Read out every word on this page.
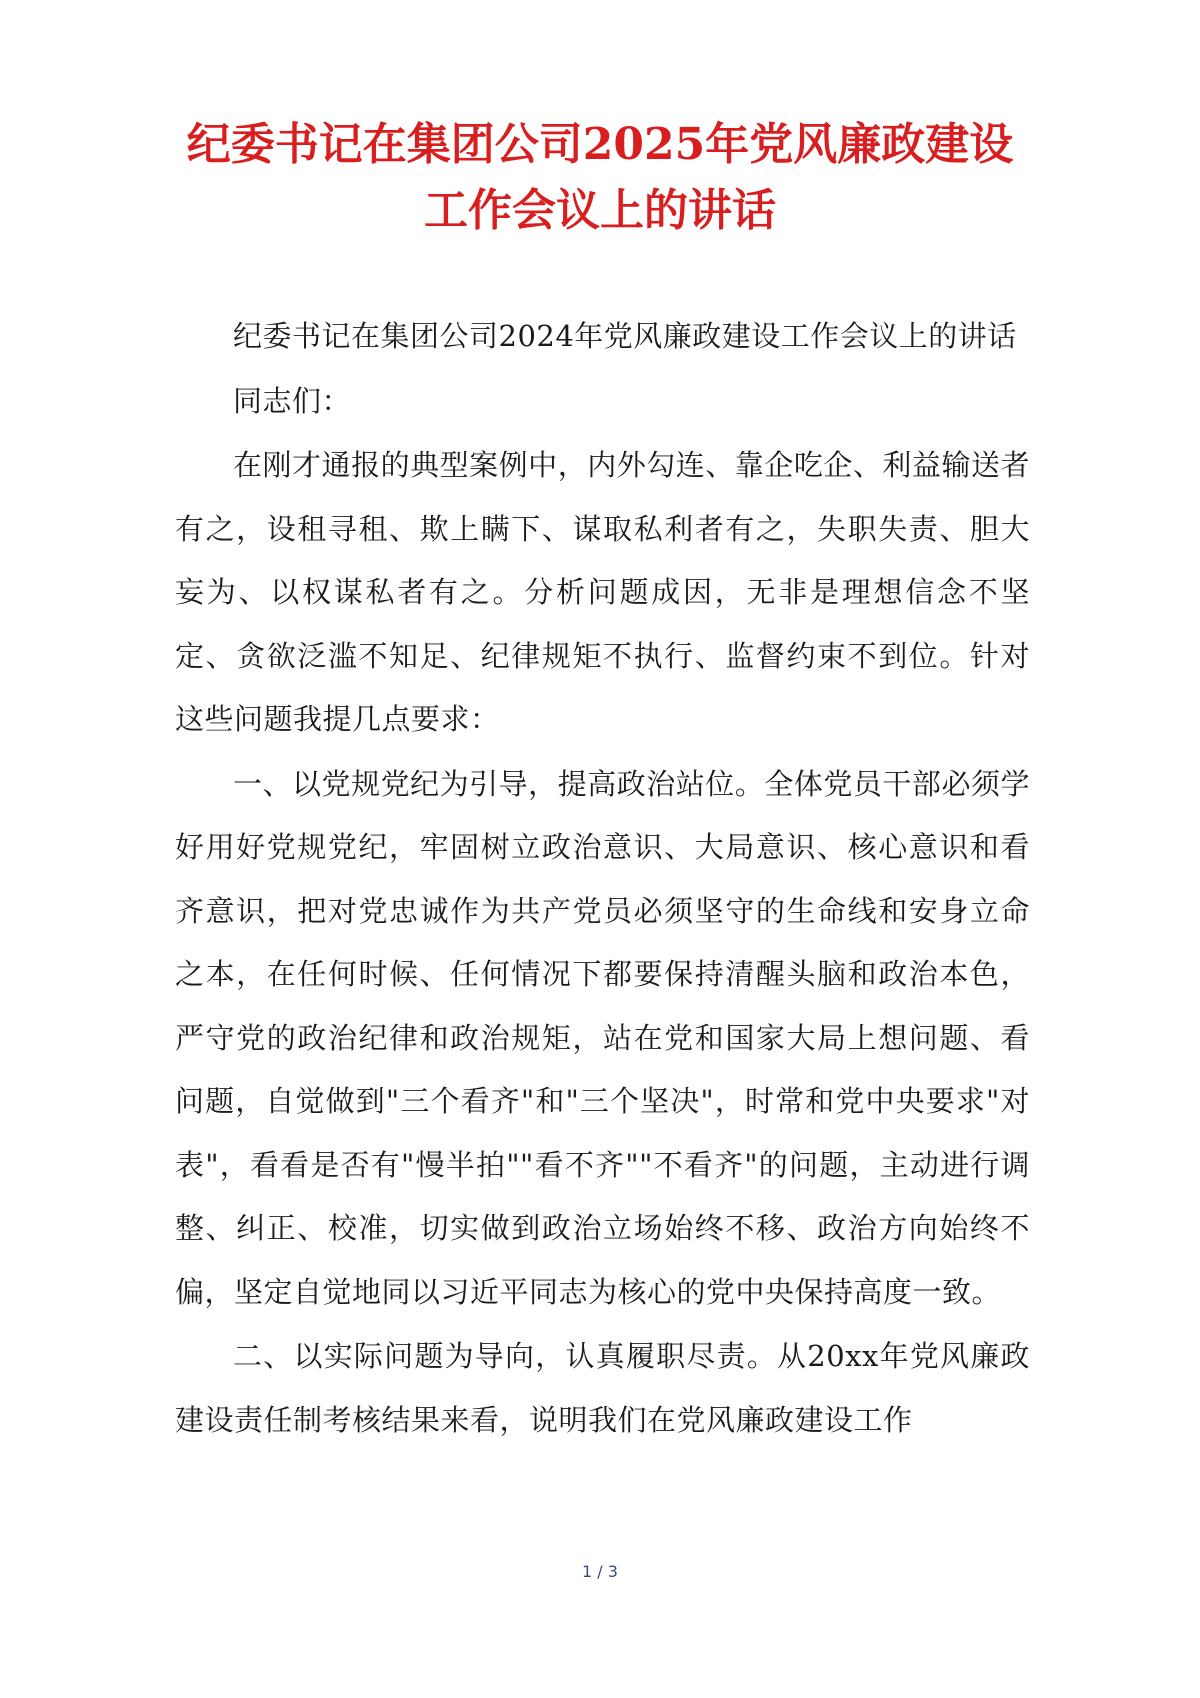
纪委书记在集团公司2025年党风廉政建设
工作会议上的讲话

纪委书记在集团公司2024年党风廉政建设工作会议上的讲话

同志们：

在刚才通报的典型案例中，内外勾连、靠企吃企、利益输送者有之，设租寻租、欺上瞒下、谋取私利者有之，失职失责、胆大妄为、以权谋私者有之。分析问题成因，无非是理想信念不坚定、贪欲泛滥不知足、纪律规矩不执行、监督约束不到位。针对这些问题我提几点要求：

一、以党规党纪为引导，提高政治站位。全体党员干部必须学好用好党规党纪，牢固树立政治意识、大局意识、核心意识和看齐意识，把对党忠诚作为共产党员必须坚守的生命线和安身立命之本，在任何时候、任何情况下都要保持清醒头脑和政治本色，严守党的政治纪律和政治规矩，站在党和国家大局上想问题、看问题，自觉做到"三个看齐"和"三个坚决"，时常和党中央要求"对表"，看看是否有"慢半拍""看不齐""不看齐"的问题，主动进行调整、纠正、校准，切实做到政治立场始终不移、政治方向始终不偏，坚定自觉地同以习近平同志为核心的党中央保持高度一致。

二、以实际问题为导向，认真履职尽责。从20xx年党风廉政建设责任制考核结果来看，说明我们在党风廉政建设工作

1 / 3
